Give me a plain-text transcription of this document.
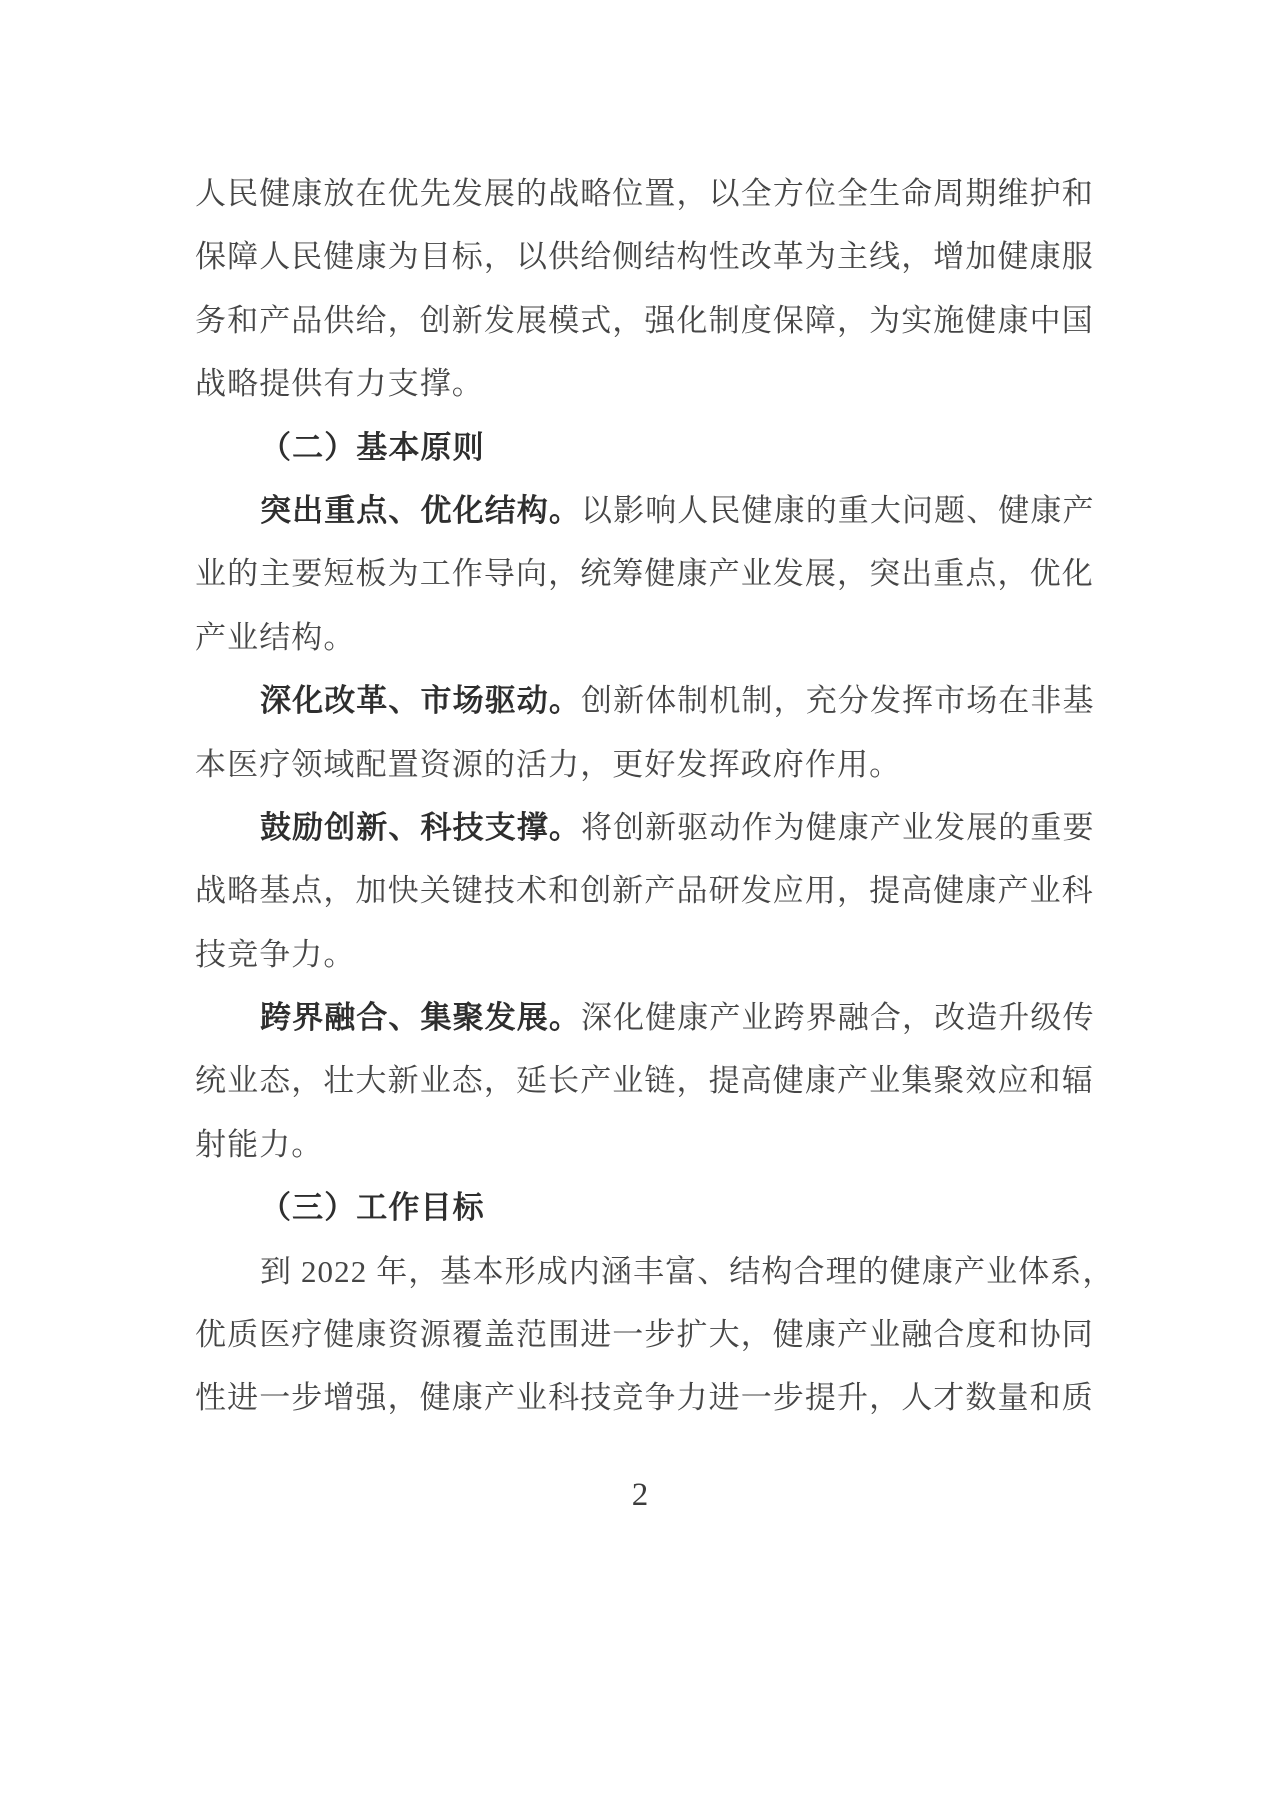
人民健康放在优先发展的战略位置，以全方位全生命周期维护和
保障人民健康为目标，以供给侧结构性改革为主线，增加健康服
务和产品供给，创新发展模式，强化制度保障，为实施健康中国
战略提供有力支撑。
（二）基本原则
突出重点、优化结构。以影响人民健康的重大问题、健康产
业的主要短板为工作导向，统筹健康产业发展，突出重点，优化
产业结构。
深化改革、市场驱动。创新体制机制，充分发挥市场在非基
本医疗领域配置资源的活力，更好发挥政府作用。
鼓励创新、科技支撑。将创新驱动作为健康产业发展的重要
战略基点，加快关键技术和创新产品研发应用，提高健康产业科
技竞争力。
跨界融合、集聚发展。深化健康产业跨界融合，改造升级传
统业态，壮大新业态，延长产业链，提高健康产业集聚效应和辐
射能力。
（三）工作目标
到 2022 年，基本形成内涵丰富、结构合理的健康产业体系，
优质医疗健康资源覆盖范围进一步扩大，健康产业融合度和协同
性进一步增强，健康产业科技竞争力进一步提升，人才数量和质
2
